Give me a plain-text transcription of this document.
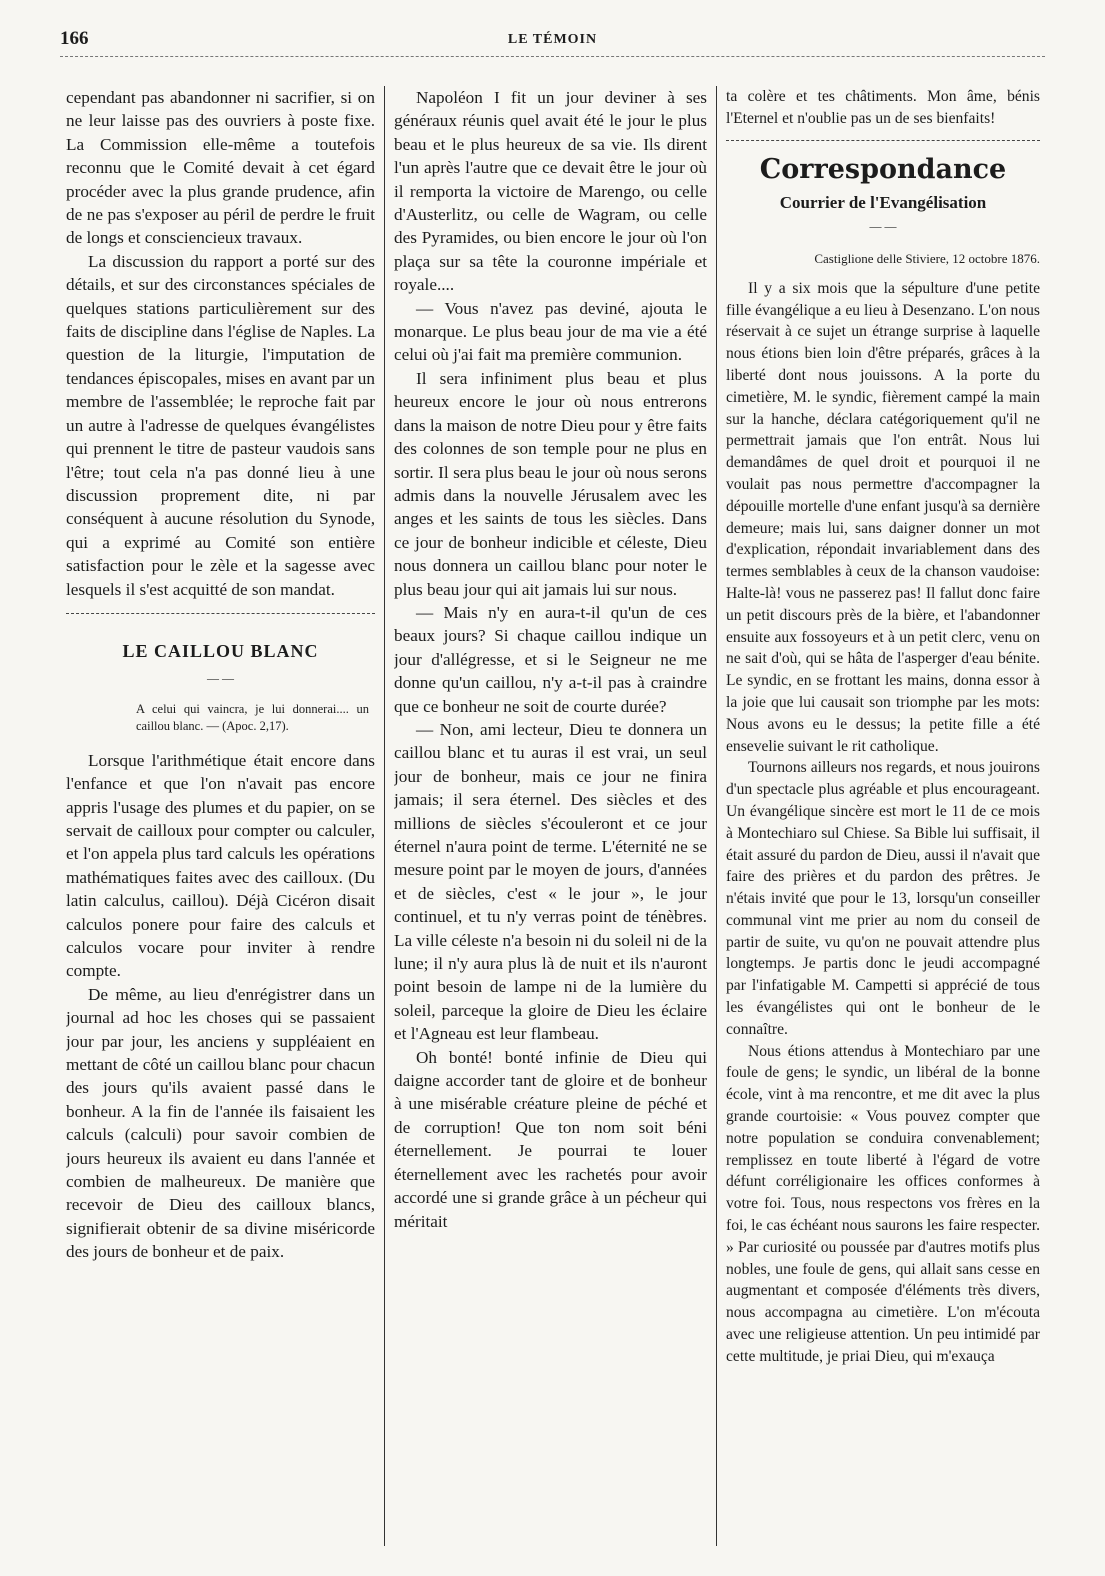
166	LE TÉMOIN

cependant pas abandonner ni sacrifier, si on ne leur laisse pas des ouvriers à poste fixe. La Commission elle-même a toutefois reconnu que le Comité devait à cet égard procéder avec la plus grande prudence, afin de ne pas s'exposer au péril de perdre le fruit de longs et consciencieux travaux.

La discussion du rapport a porté sur des détails, et sur des circonstances spéciales de quelques stations particulièrement sur des faits de discipline dans l'église de Naples. La question de la liturgie, l'imputation de tendances épiscopales, mises en avant par un membre de l'assemblée; le reproche fait par un autre à l'adresse de quelques évangélistes qui prennent le titre de pasteur vaudois sans l'être; tout cela n'a pas donné lieu à une discussion proprement dite, ni par conséquent à aucune résolution du Synode, qui a exprimé au Comité son entière satisfaction pour le zèle et la sagesse avec lesquels il s'est acquitté de son mandat.

LE CAILLOU BLANC
— —
A celui qui vaincra, je lui donnerai.... un caillou blanc. — (Apoc. 2,17).

Lorsque l'arithmétique était encore dans l'enfance et que l'on n'avait pas encore appris l'usage des plumes et du papier, on se servait de cailloux pour compter ou calculer, et l'on appela plus tard calculs les opérations mathématiques faites avec des cailloux. (Du latin calculus, caillou). Déjà Cicéron disait calculos ponere pour faire des calculs et calculos vocare pour inviter à rendre compte.

De même, au lieu d'enrégistrer dans un journal ad hoc les choses qui se passaient jour par jour, les anciens y suppléaient en mettant de côté un caillou blanc pour chacun des jours qu'ils avaient passé dans le bonheur. A la fin de l'année ils faisaient les calculs (calculi) pour savoir combien de jours heureux ils avaient eu dans l'année et combien de malheureux. De manière que recevoir de Dieu des cailloux blancs, signifierait obtenir de sa divine miséricorde des jours de bonheur et de paix.

Napoléon I fit un jour deviner à ses généraux réunis quel avait été le jour le plus beau et le plus heureux de sa vie. Ils dirent l'un après l'autre que ce devait être le jour où il remporta la victoire de Marengo, ou celle d'Austerlitz, ou celle de Wagram, ou celle des Pyramides, ou bien encore le jour où l'on plaça sur sa tête la couronne impériale et royale....

— Vous n'avez pas deviné, ajouta le monarque. Le plus beau jour de ma vie a été celui où j'ai fait ma première communion.

Il sera infiniment plus beau et plus heureux encore le jour où nous entrerons dans la maison de notre Dieu pour y être faits des colonnes de son temple pour ne plus en sortir. Il sera plus beau le jour où nous serons admis dans la nouvelle Jérusalem avec les anges et les saints de tous les siècles. Dans ce jour de bonheur indicible et céleste, Dieu nous donnera un caillou blanc pour noter le plus beau jour qui ait jamais lui sur nous.

— Mais n'y en aura-t-il qu'un de ces beaux jours? Si chaque caillou indique un jour d'allégresse, et si le Seigneur ne me donne qu'un caillou, n'y a-t-il pas à craindre que ce bonheur ne soit de courte durée?

— Non, ami lecteur, Dieu te donnera un caillou blanc et tu auras il est vrai, un seul jour de bonheur, mais ce jour ne finira jamais; il sera éternel. Des siècles et des millions de siècles s'écouleront et ce jour éternel n'aura point de terme. L'éternité ne se mesure point par le moyen de jours, d'années et de siècles, c'est « le jour », le jour continuel, et tu n'y verras point de ténèbres. La ville céleste n'a besoin ni du soleil ni de la lune; il n'y aura plus là de nuit et ils n'auront point besoin de lampe ni de la lumière du soleil, parceque la gloire de Dieu les éclaire et l'Agneau est leur flambeau.

Oh bonté! bonté infinie de Dieu qui daigne accorder tant de gloire et de bonheur à une misérable créature pleine de péché et de corruption! Que ton nom soit béni éternellement. Je pourrai te louer éternellement avec les rachetés pour avoir accordé une si grande grâce à un pécheur qui méritait

ta colère et tes châtiments. Mon âme, bénis l'Eternel et n'oublie pas un de ses bienfaits!

Correspondance
Courrier de l'Evangélisation
— —
Castiglione delle Stiviere, 12 octobre 1876.

Il y a six mois que la sépulture d'une petite fille évangélique a eu lieu à Desenzano. L'on nous réservait à ce sujet un étrange surprise à laquelle nous étions bien loin d'être préparés, grâces à la liberté dont nous jouissons. A la porte du cimetière, M. le syndic, fièrement campé la main sur la hanche, déclara catégoriquement qu'il ne permettrait jamais que l'on entrât. Nous lui demandâmes de quel droit et pourquoi il ne voulait pas nous permettre d'accompagner la dépouille mortelle d'une enfant jusqu'à sa dernière demeure; mais lui, sans daigner donner un mot d'explication, répondait invariablement dans des termes semblables à ceux de la chanson vaudoise: Halte-là! vous ne passerez pas! Il fallut donc faire un petit discours près de la bière, et l'abandonner ensuite aux fossoyeurs et à un petit clerc, venu on ne sait d'où, qui se hâta de l'asperger d'eau bénite. Le syndic, en se frottant les mains, donna essor à la joie que lui causait son triomphe par les mots: Nous avons eu le dessus; la petite fille a été ensevelie suivant le rit catholique.

Tournons ailleurs nos regards, et nous jouirons d'un spectacle plus agréable et plus encourageant. Un évangélique sincère est mort le 11 de ce mois à Montechiaro sul Chiese. Sa Bible lui suffisait, il était assuré du pardon de Dieu, aussi il n'avait que faire des prières et du pardon des prêtres. Je n'étais invité que pour le 13, lorsqu'un conseiller communal vint me prier au nom du conseil de partir de suite, vu qu'on ne pouvait attendre plus longtemps. Je partis donc le jeudi accompagné par l'infatigable M. Campetti si apprécié de tous les évangélistes qui ont le bonheur de le connaître.

Nous étions attendus à Montechiaro par une foule de gens; le syndic, un libéral de la bonne école, vint à ma rencontre, et me dit avec la plus grande courtoisie: « Vous pouvez compter que notre population se conduira convenablement; remplissez en toute liberté à l'égard de votre défunt corréligionaire les offices conformes à votre foi. Tous, nous respectons vos frères en la foi, le cas échéant nous saurons les faire respecter. » Par curiosité ou poussée par d'autres motifs plus nobles, une foule de gens, qui allait sans cesse en augmentant et composée d'éléments très divers, nous accompagna au cimetière. L'on m'écouta avec une religieuse attention. Un peu intimidé par cette multitude, je priai Dieu, qui m'exauça
